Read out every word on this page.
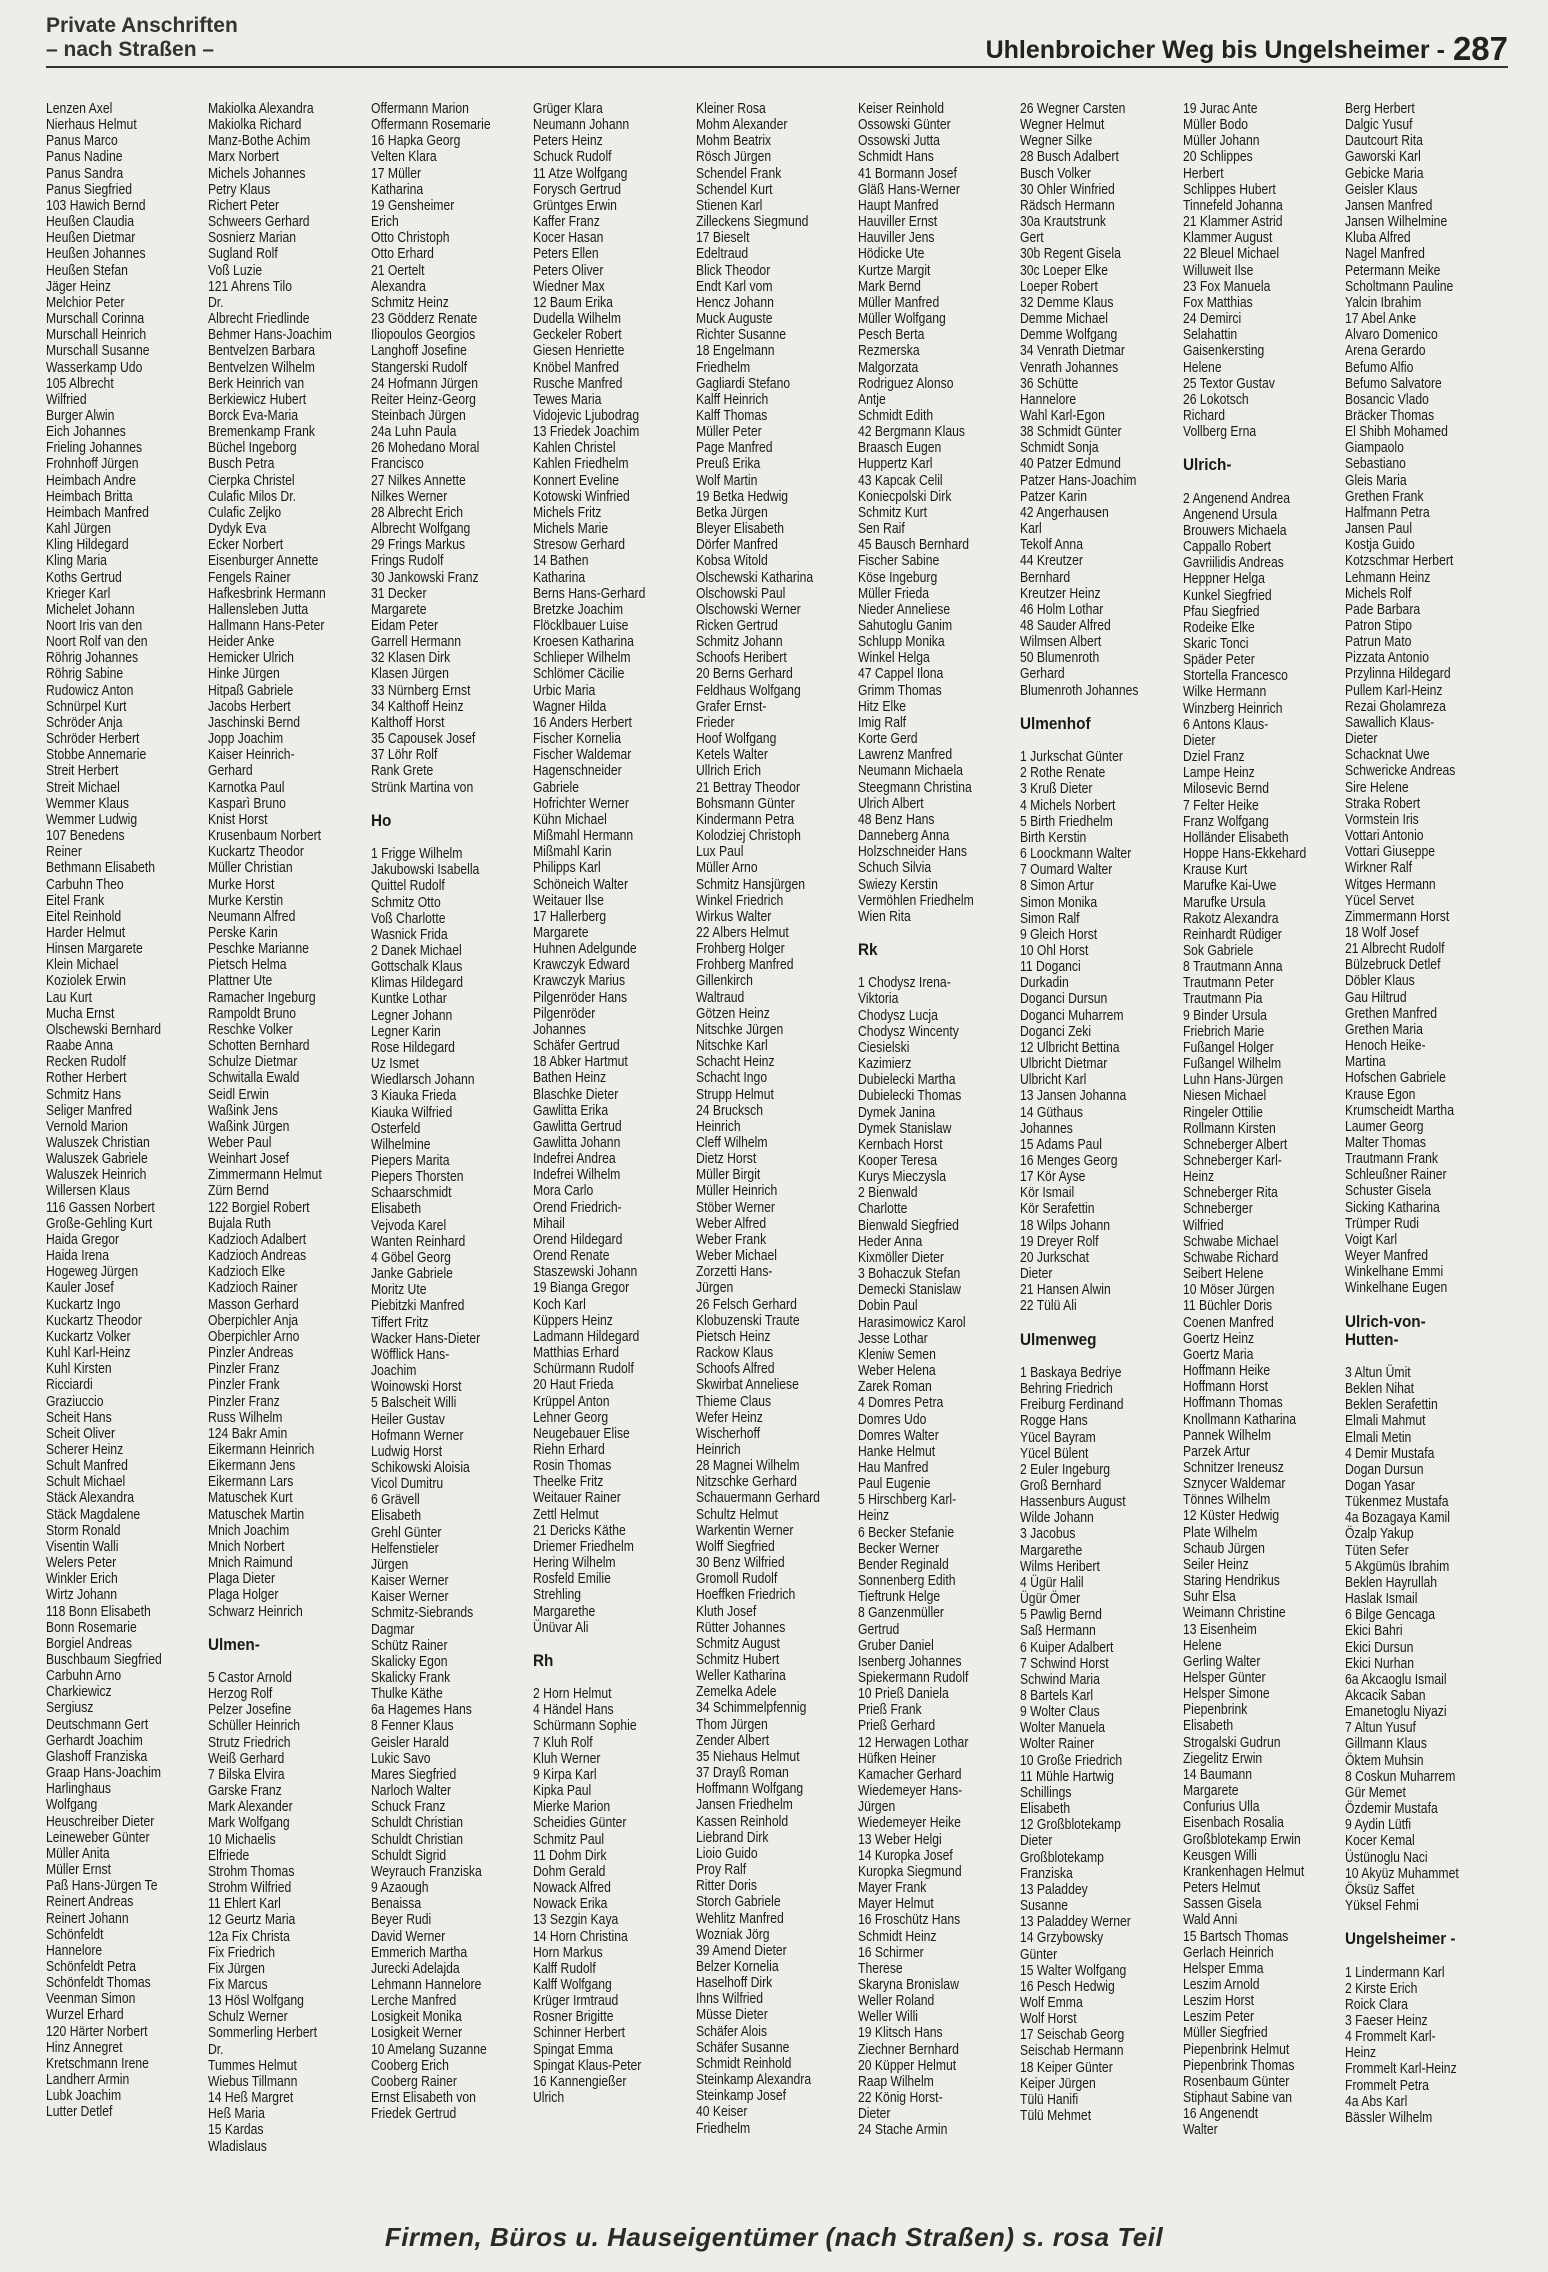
Private Anschriften
– nach Straßen –	Uhlenbroicher Weg bis Ungelsheimer - 287
Lenzen Axel
Nierhaus Helmut
Panus Marco
Panus Nadine
Panus Sandra
Panus Siegfried
103 Hawich Bernd
Heußen Claudia
Heußen Dietmar
Heußen Johannes
Heußen Stefan
Jäger Heinz
Melchior Peter
Murschall Corinna
Murschall Heinrich
Murschall Susanne
Wasserkamp Udo
105 Albrecht
Wilfried
Burger Alwin
Eich Johannes
Frieling Johannes
Frohnhoff Jürgen
Heimbach Andre
Heimbach Britta
Heimbach Manfred
Kahl Jürgen
Kling Hildegard
Kling Maria
Koths Gertrud
Krieger Karl
Michelet Johann
Noort Iris van den
Noort Rolf van den
Röhrig Johannes
Röhrig Sabine
Rudowicz Anton
Schnürpel Kurt
Schröder Anja
Schröder Herbert
Stobbe Annemarie
Streit Herbert
Streit Michael
Wemmer Klaus
Wemmer Ludwig
107 Benedens
Reiner
Bethmann Elisabeth
Carbuhn Theo
Eitel Frank
Eitel Reinhold
Harder Helmut
Hinsen Margarete
Klein Michael
Koziolek Erwin
Lau Kurt
Mucha Ernst
Olschewski Bernhard
Raabe Anna
Recken Rudolf
Rother Herbert
Schmitz Hans
Seliger Manfred
Vernold Marion
Waluszek Christian
Waluszek Gabriele
Waluszek Heinrich
Willersen Klaus
116 Gassen Norbert
Große-Gehling Kurt
Haida Gregor
Haida Irena
Hogeweg Jürgen
Kauler Josef
Kuckartz Ingo
Kuckartz Theodor
Kuckartz Volker
Kuhl Karl-Heinz
Kuhl Kirsten
Ricciardi
Graziuccio
Scheit Hans
Scheit Oliver
Scherer Heinz
Schult Manfred
Schult Michael
Stäck Alexandra
Stäck Magdalene
Storm Ronald
Visentin Walli
Welers Peter
Winkler Erich
Wirtz Johann
118 Bonn Elisabeth
Bonn Rosemarie
Borgiel Andreas
Buschbaum Siegfried
Carbuhn Arno
Charkiewicz
Sergiusz
Deutschmann Gert
Gerhardt Joachim
Glashoff Franziska
Graap Hans-Joachim
Harlinghaus
Wolfgang
Heuschreiber Dieter
Leineweber Günter
Müller Anita
Müller Ernst
Paß Hans-Jürgen Te
Reinert Andreas
Reinert Johann
Schönfeldt
Hannelore
Schönfeldt Petra
Schönfeldt Thomas
Veenman Simon
Wurzel Erhard
120 Härter Norbert
Hinz Annegret
Kretschmann Irene
Landherr Armin
Lubk Joachim
Lutter Detlef
Makiolka Alexandra
Makiolka Richard
Manz-Bothe Achim
Marx Norbert
Michels Johannes
Petry Klaus
Richert Peter
Schweers Gerhard
Sosnierz Marian
Sugland Rolf
Voß Luzie
121 Ahrens Tilo
Dr.
Albrecht Friedlinde
Behmer Hans-Joachim
Bentvelzen Barbara
Bentvelzen Wilhelm
Berk Heinrich van
Berkiewicz Hubert
Borck Eva-Maria
Bremenkamp Frank
Büchel Ingeborg
Busch Petra
Cierpka Christel
Culafic Milos Dr.
Culafic Zeljko
Dydyk Eva
Ecker Norbert
Eisenburger Annette
Fengels Rainer
Hafkesbrink Hermann
Hallensleben Jutta
Hallmann Hans-Peter
Heider Anke
Hemicker Ulrich
Hinke Jürgen
Hitpaß Gabriele
Jacobs Herbert
Jaschinski Bernd
Jopp Joachim
Kaiser Heinrich-
Gerhard
Karnotka Paul
Kasparì Bruno
Knist Horst
Krusenbaum Norbert
Kuckartz Theodor
Müller Christian
Murke Horst
Murke Kerstin
Neumann Alfred
Perske Karin
Peschke Marianne
Pietsch Helma
Plattner Ute
Ramacher Ingeburg
Rampoldt Bruno
Reschke Volker
Schotten Bernhard
Schulze Dietmar
Schwitalla Ewald
Seidl Erwin
Waßink Jens
Waßink Jürgen
Weber Paul
Weinhart Josef
Zimmermann Helmut
Zürn Bernd
122 Borgiel Robert
Bujala Ruth
Kadzioch Adalbert
Kadzioch Andreas
Kadzioch Elke
Kadzioch Rainer
Masson Gerhard
Oberpichler Anja
Oberpichler Arno
Pinzler Andreas
Pinzler Franz
Pinzler Frank
Pinzler Franz
Russ Wilhelm
124 Bakr Amin
Eikermann Heinrich
Eikermann Jens
Eikermann Lars
Matuschek Kurt
Matuschek Martin
Mnich Joachim
Mnich Norbert
Mnich Raimund
Plaga Dieter
Plaga Holger
Schwarz Heinrich

Ulmen-

5 Castor Arnold
Herzog Rolf
Pelzer Josefine
Schüller Heinrich
Strutz Friedrich
Weiß Gerhard
7 Bilska Elvira
Garske Franz
Mark Alexander
Mark Wolfgang
10 Michaelis
Elfriede
Strohm Thomas
Strohm Wilfried
11 Ehlert Karl
12 Geurtz Maria
12a Fix Christa
Fix Friedrich
Fix Jürgen
Fix Marcus
13 Hösl Wolfgang
Schulz Werner
Sommerling Herbert
Dr.
Tummes Helmut
Wiebus Tillmann
14 Heß Margret
Heß Maria
15 Kardas
Wladislaus
Offermann Marion
Offermann Rosemarie
16 Hapka Georg
Velten Klara
17 Müller
Katharina
19 Gensheimer
Erich
Otto Christoph
Otto Erhard
21 Oertelt
Alexandra
Schmitz Heinz
23 Gödderz Renate
Iliopoulos Georgios
Langhoff Josefine
Stangerski Rudolf
24 Hofmann Jürgen
Reiter Heinz-Georg
Steinbach Jürgen
24a Luhn Paula
26 Mohedano Moral
Francisco
27 Nilkes Annette
Nilkes Werner
28 Albrecht Erich
Albrecht Wolfgang
29 Frings Markus
Frings Rudolf
30 Jankowski Franz
31 Decker
Margarete
Eidam Peter
Garrell Hermann
32 Klasen Dirk
Klasen Jürgen
33 Nürnberg Ernst
34 Kalthoff Heinz
Kalthoff Horst
35 Capousek Josef
37 Löhr Rolf
Rank Grete
Strünk Martina von

Ho

1 Frigge Wilhelm
Jakubowski Isabella
Quittel Rudolf
Schmitz Otto
Voß Charlotte
Wasnick Frida
2 Danek Michael
Gottschalk Klaus
Klimas Hildegard
Kuntke Lothar
Legner Johann
Legner Karin
Rose Hildegard
Uz Ismet
Wiedlarsch Johann
3 Kiauka Frieda
Kiauka Wilfried
Osterfeld
Wilhelmine
Piepers Marita
Piepers Thorsten
Schaarschmidt
Elisabeth
Vejvoda Karel
Wanten Reinhard
4 Göbel Georg
Janke Gabriele
Moritz Ute
Piebitzki Manfred
Tiffert Fritz
Wacker Hans-Dieter
Wöfflick Hans-
Joachim
Woinowski Horst
5 Balscheit Willi
Heiler Gustav
Hofmann Werner
Ludwig Horst
Schikowski Aloisia
Vicol Dumitru
6 Grävell
Elisabeth
Grehl Günter
Helfenstieler
Jürgen
Kaiser Werner
Kaiser Werner
Schmitz-Siebrands
Dagmar
Schütz Rainer
Skalicky Egon
Skalicky Frank
Thulke Käthe
6a Hagemes Hans
8 Fenner Klaus
Geisler Harald
Lukic Savo
Mares Siegfried
Narloch Walter
Schuck Franz
Schuldt Christian
Schuldt Christian
Schuldt Sigrid
Weyrauch Franziska
9 Azaough
Benaissa
Beyer Rudi
David Werner
Emmerich Martha
Jurecki Adelajda
Lehmann Hannelore
Lerche Manfred
Losigkeit Monika
Losigkeit Werner
10 Amelang Suzanne
Cooberg Erich
Cooberg Rainer
Ernst Elisabeth von
Friedek Gertrud
Grüger Klara
Neumann Johann
Peters Heinz
Schuck Rudolf
11 Atze Wolfgang
Forysch Gertrud
Grüntges Erwin
Kaffer Franz
Kocer Hasan
Peters Ellen
Peters Oliver
Wiedner Max
12 Baum Erika
Dudella Wilhelm
Geckeler Robert
Giesen Henriette
Knöbel Manfred
Rusche Manfred
Tewes Maria
Vidojevic Ljubodrag
13 Friedek Joachim
Kahlen Christel
Kahlen Friedhelm
Konnert Eveline
Kotowski Winfried
Michels Fritz
Michels Marie
Stresow Gerhard
14 Bathen
Katharina
Berns Hans-Gerhard
Bretzke Joachim
Flöcklbauer Luise
Kroesen Katharina
Schlieper Wilhelm
Schlömer Cäcilie
Urbic Maria
Wagner Hilda
16 Anders Herbert
Fischer Kornelia
Fischer Waldemar
Hagenschneider
Gabriele
Hofrichter Werner
Kühn Michael
Mißmahl Hermann
Mißmahl Karin
Philipps Karl
Schöneich Walter
Weitauer Ilse
17 Hallerberg
Margarete
Huhnen Adelgunde
Krawczyk Edward
Krawczyk Marius
Pilgenröder Hans
Pilgenröder
Johannes
Schäfer Gertrud
18 Abker Hartmut
Bathen Heinz
Blaschke Dieter
Gawlitta Erika
Gawlitta Gertrud
Gawlitta Johann
Indefrei Andrea
Indefrei Wilhelm
Mora Carlo
Orend Friedrich-
Mihail
Orend Hildegard
Orend Renate
Staszewski Johann
19 Bianga Gregor
Koch Karl
Küppers Heinz
Ladmann Hildegard
Matthias Erhard
Schürmann Rudolf
20 Haut Frieda
Krüppel Anton
Lehner Georg
Neugebauer Elise
Riehn Erhard
Rosin Thomas
Theelke Fritz
Weitauer Rainer
Zettl Helmut
21 Dericks Käthe
Driemer Friedhelm
Hering Wilhelm
Rosfeld Emilie
Strehling
Margarethe
Ünüvar Ali

Rh

2 Horn Helmut
4 Händel Hans
Schürmann Sophie
7 Kluh Rolf
Kluh Werner
9 Kirpa Karl
Kipka Paul
Mierke Marion
Scheidies Günter
Schmitz Paul
11 Dohm Dirk
Dohm Gerald
Nowack Alfred
Nowack Erika
13 Sezgin Kaya
14 Horn Christina
Horn Markus
Kalff Rudolf
Kalff Wolfgang
Krüger Irmtraud
Rosner Brigitte
Schinner Herbert
Spingat Emma
Spingat Klaus-Peter
16 Kannengießer
Ulrich
Kleiner Rosa
Mohm Alexander
Mohm Beatrix
Rösch Jürgen
Schendel Frank
Schendel Kurt
Stienen Karl
Zilleckens Siegmund
17 Bieselt
Edeltraud
Blick Theodor
Endt Karl vom
Hencz Johann
Muck Auguste
Richter Susanne
18 Engelmann
Friedhelm
Gagliardi Stefano
Kalff Heinrich
Kalff Thomas
Müller Peter
Page Manfred
Preuß Erika
Wolf Martin
19 Betka Hedwig
Betka Jürgen
Bleyer Elisabeth
Dörfer Manfred
Kobsa Witold
Olschewski Katharina
Olschowski Paul
Olschowski Werner
Ricken Gertrud
Schmitz Johann
Schoofs Heribert
20 Berns Gerhard
Feldhaus Wolfgang
Grafer Ernst-
Frieder
Hoof Wolfgang
Ketels Walter
Ullrich Erich
21 Bettray Theodor
Bohsmann Günter
Kindermann Petra
Kolodziej Christoph
Lux Paul
Müller Arno
Schmitz Hansjürgen
Winkel Friedrich
Wirkus Walter
22 Albers Helmut
Frohberg Holger
Frohberg Manfred
Gillenkirch
Waltraud
Götzen Heinz
Nitschke Jürgen
Nitschke Karl
Schacht Heinz
Schacht Ingo
Strupp Helmut
24 Brucksch
Heinrich
Cleff Wilhelm
Dietz Horst
Müller Birgit
Müller Heinrich
Stöber Werner
Weber Alfred
Weber Frank
Weber Michael
Zorzetti Hans-
Jürgen
26 Felsch Gerhard
Klobuzenski Traute
Pietsch Heinz
Rackow Klaus
Schoofs Alfred
Skwirbat Anneliese
Thieme Claus
Wefer Heinz
Wischerhoff
Heinrich
28 Magnei Wilhelm
Nitzschke Gerhard
Schauermann Gerhard
Schultz Helmut
Warkentin Werner
Wolff Siegfried
30 Benz Wilfried
Gromoll Rudolf
Hoeffken Friedrich
Kluth Josef
Rütter Johannes
Schmitz August
Schmitz Hubert
Weller Katharina
Zemelka Adele
34 Schimmelpfennig
Thom Jürgen
Zender Albert
35 Niehaus Helmut
37 Drayß Roman
Hoffmann Wolfgang
Jansen Friedhelm
Kassen Reinhold
Liebrand Dirk
Lioio Guido
Proy Ralf
Ritter Doris
Storch Gabriele
Wehlitz Manfred
Wozniak Jörg
39 Amend Dieter
Belzer Kornelia
Haselhoff Dirk
Ihns Wilfried
Müsse Dieter
Schäfer Alois
Schäfer Susanne
Schmidt Reinhold
Steinkamp Alexandra
Steinkamp Josef
40 Keiser
Friedhelm
Keiser Reinhold
Ossowski Günter
Ossowski Jutta
Schmidt Hans
41 Bormann Josef
Gläß Hans-Werner
Haupt Manfred
Hauviller Ernst
Hauviller Jens
Hödicke Ute
Kurtze Margit
Mark Bernd
Müller Manfred
Müller Wolfgang
Pesch Berta
Rezmerska
Malgorzata
Rodriguez Alonso
Antje
Schmidt Edith
42 Bergmann Klaus
Braasch Eugen
Huppertz Karl
43 Kapcak Celil
Koniecpolski Dirk
Schmitz Kurt
Sen Raif
45 Bausch Bernhard
Fischer Sabine
Köse Ingeburg
Müller Frieda
Nieder Anneliese
Sahutoglu Ganim
Schlupp Monika
Winkel Helga
47 Cappel Ilona
Grimm Thomas
Hitz Elke
Imig Ralf
Korte Gerd
Lawrenz Manfred
Neumann Michaela
Steegmann Christina
Ulrich Albert
48 Benz Hans
Danneberg Anna
Holzschneider Hans
Schuch Silvia
Swiezy Kerstin
Vermöhlen Friedhelm
Wien Rita

Rk

1 Chodysz Irena-
Viktoria
Chodysz Lucja
Chodysz Wincenty
Ciesielski
Kazimierz
Dubielecki Martha
Dubielecki Thomas
Dymek Janina
Dymek Stanislaw
Kernbach Horst
Kooper Teresa
Kurys Mieczysla
2 Bienwald
Charlotte
Bienwald Siegfried
Heder Anna
Kixmöller Dieter
3 Bohaczuk Stefan
Demecki Stanislaw
Dobin Paul
Harasimowicz Karol
Jesse Lothar
Kleniw Semen
Weber Helena
Zarek Roman
4 Domres Petra
Domres Udo
Domres Walter
Hanke Helmut
Hau Manfred
Paul Eugenie
5 Hirschberg Karl-
Heinz
6 Becker Stefanie
Becker Werner
Bender Reginald
Sonnenberg Edith
Tieftrunk Helge
8 Ganzenmüller
Gertrud
Gruber Daniel
Isenberg Johannes
Spiekermann Rudolf
10 Prieß Daniela
Prieß Frank
Prieß Gerhard
12 Herwagen Lothar
Hüfken Heiner
Kamacher Gerhard
Wiedemeyer Hans-
Jürgen
Wiedemeyer Heike
13 Weber Helgi
14 Kuropka Josef
Kuropka Siegmund
Mayer Frank
Mayer Helmut
16 Froschütz Hans
Schmidt Heinz
16 Schirmer
Therese
Skaryna Bronislaw
Weller Roland
Weller Willi
19 Klitsch Hans
Ziechner Bernhard
20 Küpper Helmut
Raap Wilhelm
22 König Horst-
Dieter
24 Stache Armin
26 Wegner Carsten
Wegner Helmut
Wegner Silke
28 Busch Adalbert
Busch Volker
30 Ohler Winfried
Rädsch Hermann
30a Krautstrunk
Gert
30b Regent Gisela
30c Loeper Elke
Loeper Robert
32 Demme Klaus
Demme Michael
Demme Wolfgang
34 Venrath Dietmar
Venrath Johannes
36 Schütte
Hannelore
Wahl Karl-Egon
38 Schmidt Günter
Schmidt Sonja
40 Patzer Edmund
Patzer Hans-Joachim
Patzer Karin
42 Angerhausen
Karl
Tekolf Anna
44 Kreutzer
Bernhard
Kreutzer Heinz
46 Holm Lothar
48 Sauder Alfred
Wilmsen Albert
50 Blumenroth
Gerhard
Blumenroth Johannes

Ulmenhof

1 Jurkschat Günter
2 Rothe Renate
3 Kruß Dieter
4 Michels Norbert
5 Birth Friedhelm
Birth Kerstin
6 Loockmann Walter
7 Oumard Walter
8 Simon Artur
Simon Monika
Simon Ralf
9 Gleich Horst
10 Ohl Horst
11 Doganci
Durkadin
Doganci Dursun
Doganci Muharrem
Doganci Zeki
12 Ulbricht Bettina
Ulbricht Dietmar
Ulbricht Karl
13 Jansen Johanna
14 Güthaus
Johannes
15 Adams Paul
16 Menges Georg
17 Kör Ayse
Kör Ismail
Kör Serafettin
18 Wilps Johann
19 Dreyer Rolf
20 Jurkschat
Dieter
21 Hansen Alwin
22 Tülü Ali

Ulmenweg

1 Baskaya Bedriye
Behring Friedrich
Freiburg Ferdinand
Rogge Hans
Yücel Bayram
Yücel Bülent
2 Euler Ingeburg
Groß Bernhard
Hassenburs August
Wilde Johann
3 Jacobus
Margarethe
Wilms Heribert
4 Ügür Halil
Ügür Ömer
5 Pawlig Bernd
Saß Hermann
6 Kuiper Adalbert
7 Schwind Horst
Schwind Maria
8 Bartels Karl
9 Wolter Claus
Wolter Manuela
Wolter Rainer
10 Große Friedrich
11 Mühle Hartwig
Schillings
Elisabeth
12 Großblotekamp
Dieter
Großblotekamp
Franziska
13 Paladdey
Susanne
13 Paladdey Werner
14 Grzybowsky
Günter
15 Walter Wolfgang
16 Pesch Hedwig
Wolf Emma
Wolf Horst
17 Seischab Georg
Seischab Hermann
18 Keiper Günter
Keiper Jürgen
Tülü Hanifi
Tülü Mehmet
19 Jurac Ante
Müller Bodo
Müller Johann
20 Schlippes
Herbert
Schlippes Hubert
Tinnefeld Johanna
21 Klammer Astrid
Klammer August
22 Bleuel Michael
Willuweit Ilse
23 Fox Manuela
Fox Matthias
24 Demirci
Selahattin
Gaisenkersting
Helene
25 Textor Gustav
26 Lokotsch
Richard
Vollberg Erna

Ulrich-

2 Angenend Andrea
Angenend Ursula
Brouwers Michaela
Cappallo Robert
Gavriilidis Andreas
Heppner Helga
Kunkel Siegfried
Pfau Siegfried
Rodeike Elke
Skaric Tonci
Späder Peter
Stortella Francesco
Wilke Hermann
Winzberg Heinrich
6 Antons Klaus-
Dieter
Dziel Franz
Lampe Heinz
Milosevic Bernd
7 Felter Heike
Franz Wolfgang
Holländer Elisabeth
Hoppe Hans-Ekkehard
Krause Kurt
Marufke Kai-Uwe
Marufke Ursula
Rakotz Alexandra
Reinhardt Rüdiger
Sok Gabriele
8 Trautmann Anna
Trautmann Peter
Trautmann Pia
9 Binder Ursula
Friebrich Marie
Fußangel Holger
Fußangel Wilhelm
Luhn Hans-Jürgen
Niesen Michael
Ringeler Ottilie
Rollmann Kirsten
Schneberger Albert
Schneberger Karl-
Heinz
Schneberger Rita
Schneberger
Wilfried
Schwabe Michael
Schwabe Richard
Seibert Helene
10 Möser Jürgen
11 Büchler Doris
Coenen Manfred
Goertz Heinz
Goertz Maria
Hoffmann Heike
Hoffmann Horst
Hoffmann Thomas
Knollmann Katharina
Pannek Wilhelm
Parzek Artur
Schnitzer Ireneusz
Sznycer Waldemar
Tönnes Wilhelm
12 Küster Hedwig
Plate Wilhelm
Schaub Jürgen
Seiler Heinz
Staring Hendrikus
Suhr Elsa
Weimann Christine
13 Eisenheim
Helene
Gerling Walter
Helsper Günter
Helsper Simone
Piepenbrink
Elisabeth
Strogalski Gudrun
Ziegelitz Erwin
14 Baumann
Margarete
Confurius Ulla
Eisenbach Rosalia
Großblotekamp Erwin
Keusgen Willi
Krankenhagen Helmut
Peters Helmut
Sassen Gisela
Wald Anni
15 Bartsch Thomas
Gerlach Heinrich
Helsper Emma
Leszim Arnold
Leszim Horst
Leszim Peter
Müller Siegfried
Piepenbrink Helmut
Piepenbrink Thomas
Rosenbaum Günter
Stiphaut Sabine van
16 Angenendt
Walter
Berg Herbert
Dalgic Yusuf
Dautcourt Rita
Gaworski Karl
Gebicke Maria
Geisler Klaus
Jansen Manfred
Jansen Wilhelmine
Kluba Alfred
Nagel Manfred
Petermann Meike
Scholtmann Pauline
Yalcin Ibrahim
17 Abel Anke
Alvaro Domenico
Arena Gerardo
Befumo Alfio
Befumo Salvatore
Bosancic Vlado
Bräcker Thomas
El Shibh Mohamed
Giampaolo
Sebastiano
Gleis Maria
Grethen Frank
Halfmann Petra
Jansen Paul
Kostja Guido
Kotzschmar Herbert
Lehmann Heinz
Michels Rolf
Pade Barbara
Patron Stipo
Patrun Mato
Pizzata Antonio
Przylinna Hildegard
Pullem Karl-Heinz
Rezai Gholamreza
Sawallich Klaus-
Dieter
Schacknat Uwe
Schwericke Andreas
Sire Helene
Straka Robert
Vormstein Iris
Vottari Antonio
Vottari Giuseppe
Wirkner Ralf
Witges Hermann
Yücel Servet
Zimmermann Horst
18 Wolf Josef
21 Albrecht Rudolf
Bülzebruck Detlef
Döbler Klaus
Gau Hiltrud
Grethen Manfred
Grethen Maria
Henoch Heike-
Martina
Hofschen Gabriele
Krause Egon
Krumscheidt Martha
Laumer Georg
Malter Thomas
Trautmann Frank
Schleußner Rainer
Schuster Gisela
Sicking Katharina
Trümper Rudi
Voigt Karl
Weyer Manfred
Winkelhane Emmi
Winkelhane Eugen

Ulrich-von-
Hutten-

3 Altun Ümit
Beklen Nihat
Beklen Serafettin
Elmali Mahmut
Elmali Metin
4 Demir Mustafa
Dogan Dursun
Dogan Yasar
Tükenmez Mustafa
4a Bozagaya Kamil
Özalp Yakup
Tüten Sefer
5 Akgümüs Ibrahim
Beklen Hayrullah
Haslak Ismail
6 Bilge Gencaga
Ekici Bahri
Ekici Dursun
Ekici Nurhan
6a Akcaoglu Ismail
Akcacik Saban
Emanetoglu Niyazi
7 Altun Yusuf
Gillmann Klaus
Öktem Muhsin
8 Coskun Muharrem
Gür Memet
Özdemir Mustafa
9 Aydin Lütfi
Kocer Kemal
Üstünoglu Naci
10 Akyüz Muhammet
Öksüz Saffet
Yüksel Fehmi

Ungelsheimer -

1 Lindermann Karl
2 Kirste Erich
Roick Clara
3 Faeser Heinz
4 Frommelt Karl-
Heinz
Frommelt Karl-Heinz
Frommelt Petra
4a Abs Karl
Bässler Wilhelm
Firmen, Büros u. Hauseigentümer (nach Straßen) s. rosa Teil
